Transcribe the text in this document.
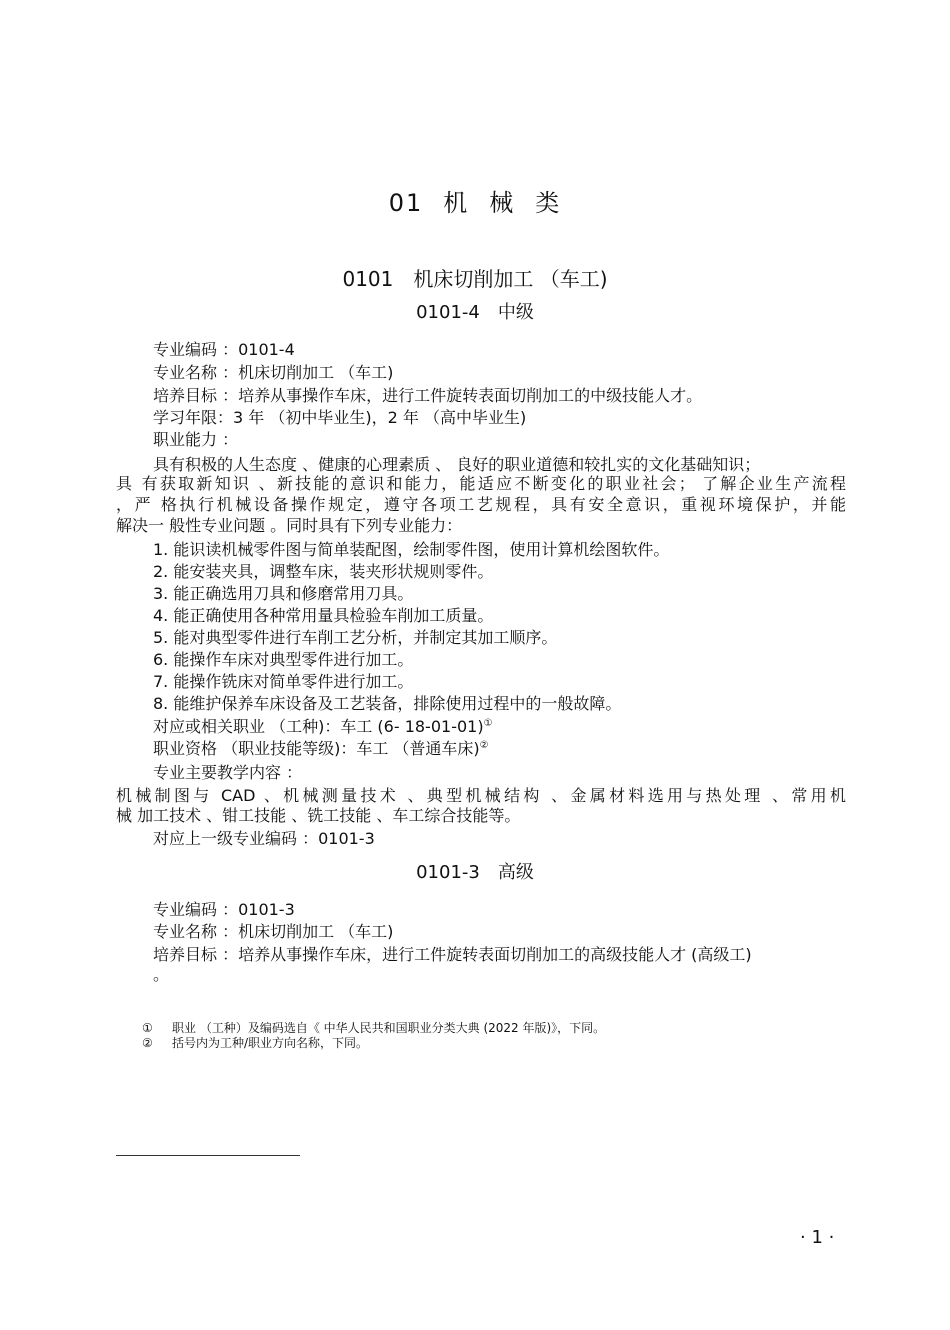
01 机 械 类
0101　机床切削加工 （车工)
0101-4　中级
专业编码 ：0101-4
专业名称 ：机床切削加工 （车工)
培养目标 ：培养从事操作车床，进行工件旋转表面切削加工的中级技能人才。
学习年限：3 年 （初中毕业生)，2 年 （高中毕业生)
职业能力 ：
具有积极的人生态度 、健康的心理素质 、 良好的职业道德和较扎实的文化基础知识；
具 有获取新知识 、新技能的意识和能力，能适应不断变化的职业社会； 了解企业生产流程
，严 格执行机械设备操作规定，遵守各项工艺规程，具有安全意识，重视环境保护，并能
解决一 般性专业问题 。同时具有下列专业能力：
1. 能识读机械零件图与简单装配图，绘制零件图，使用计算机绘图软件。
2. 能安装夹具，调整车床，装夹形状规则零件。
3. 能正确选用刀具和修磨常用刀具。
4. 能正确使用各种常用量具检验车削加工质量。
5. 能对典型零件进行车削工艺分析，并制定其加工顺序。
6. 能操作车床对典型零件进行加工。
7. 能操作铣床对简单零件进行加工。
8. 能维护保养车床设备及工艺装备，排除使用过程中的一般故障。
对应或相关职业 （工种)：车工 (6- 18-01-01)①
职业资格 （职业技能等级)：车工 （普通车床)②
专业主要教学内容 ：
机械制图与 CAD 、机械测量技术 、典型机械结构 、金属材料选用与热处理 、常用机
械 加工技术 、钳工技能 、铣工技能 、车工综合技能等。
对应上一级专业编码 ：0101-3
0101-3　高级
专业编码 ：0101-3
专业名称 ：机床切削加工 （车工)
培养目标 ：培养从事操作车床，进行工件旋转表面切削加工的高级技能人才 (高级工)
。
① 职业 （工种）及编码选自《 中华人民共和国职业分类大典 (2022 年版)》，下同。
② 括号内为工种/职业方向名称，下同。
· 1 ·
